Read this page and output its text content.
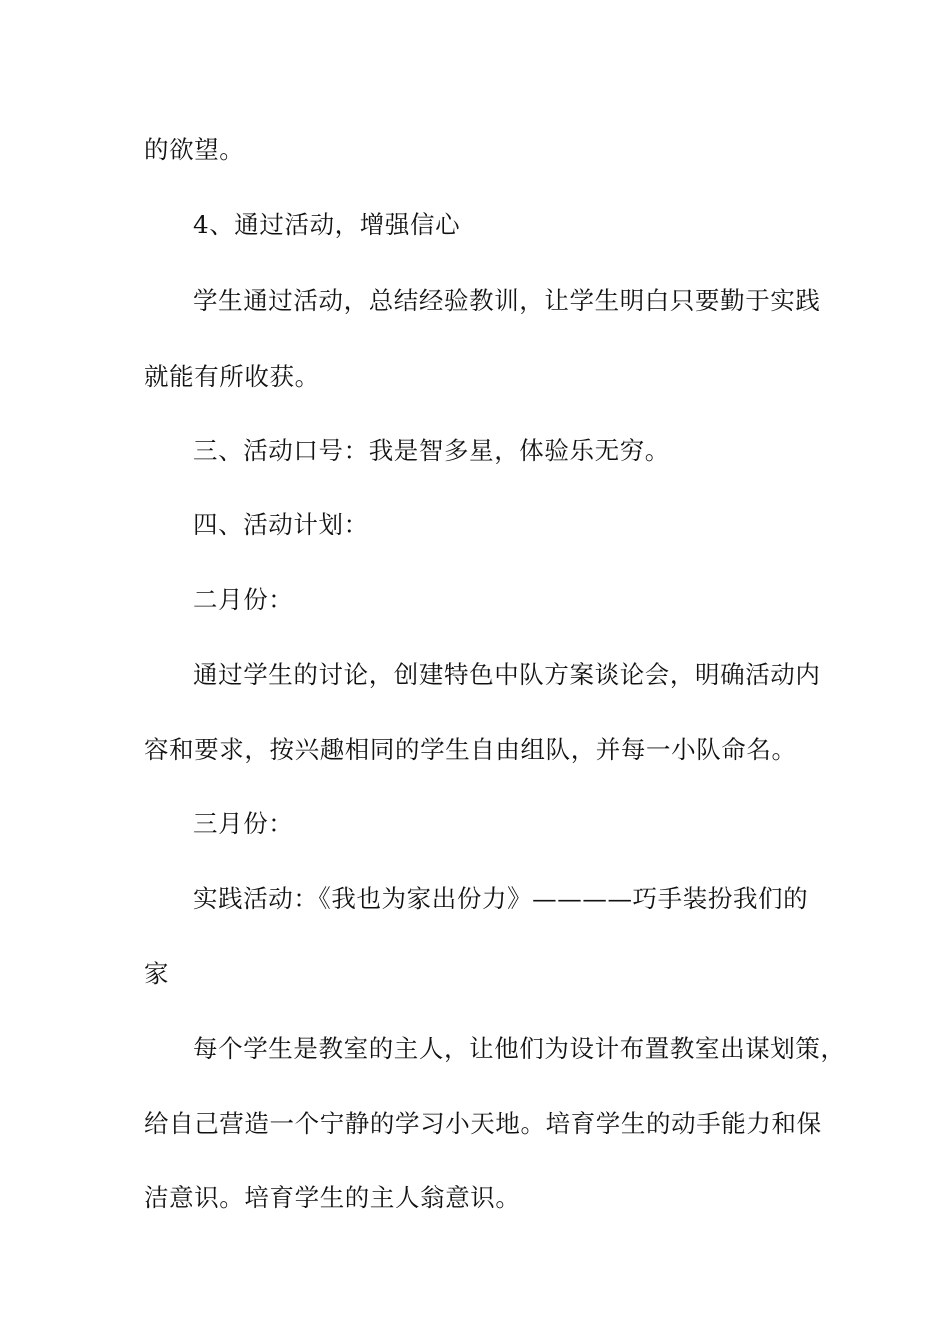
的欲望。
4、通过活动，增强信心
学生通过活动，总结经验教训，让学生明白只要勤于实践
就能有所收获。
三、活动口号：我是智多星，体验乐无穷。
四、活动计划：
二月份：
通过学生的讨论，创建特色中队方案谈论会，明确活动内
容和要求，按兴趣相同的学生自由组队，并每一小队命名。
三月份：
实践活动：《我也为家出份力》————巧手装扮我们的
家
每个学生是教室的主人，让他们为设计布置教室出谋划策，
给自己营造一个宁静的学习小天地。培育学生的动手能力和保
洁意识。培育学生的主人翁意识。
